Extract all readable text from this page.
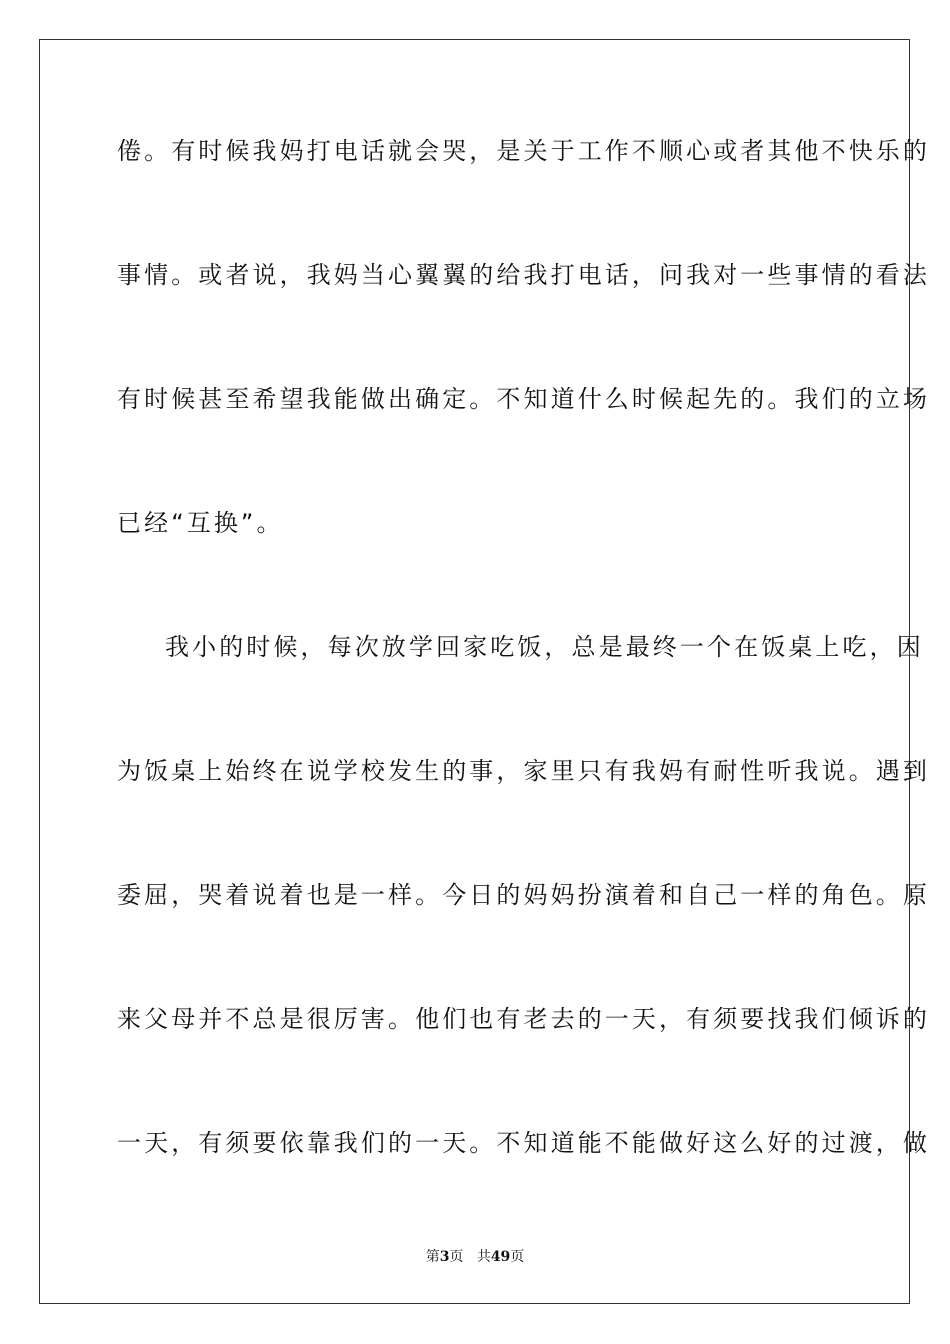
倦。有时候我妈打电话就会哭，是关于工作不顺心或者其他不快乐的
事情。或者说，我妈当心翼翼的给我打电话，问我对一些事情的看法
有时候甚至希望我能做出确定。不知道什么时候起先的。我们的立场
已经“互换”。
我小的时候，每次放学回家吃饭，总是最终一个在饭桌上吃，因
为饭桌上始终在说学校发生的事，家里只有我妈有耐性听我说。遇到
委屈，哭着说着也是一样。今日的妈妈扮演着和自己一样的角色。原
来父母并不总是很厉害。他们也有老去的一天，有须要找我们倾诉的
一天，有须要依靠我们的一天。不知道能不能做好这么好的过渡，做
第3页 共49页
